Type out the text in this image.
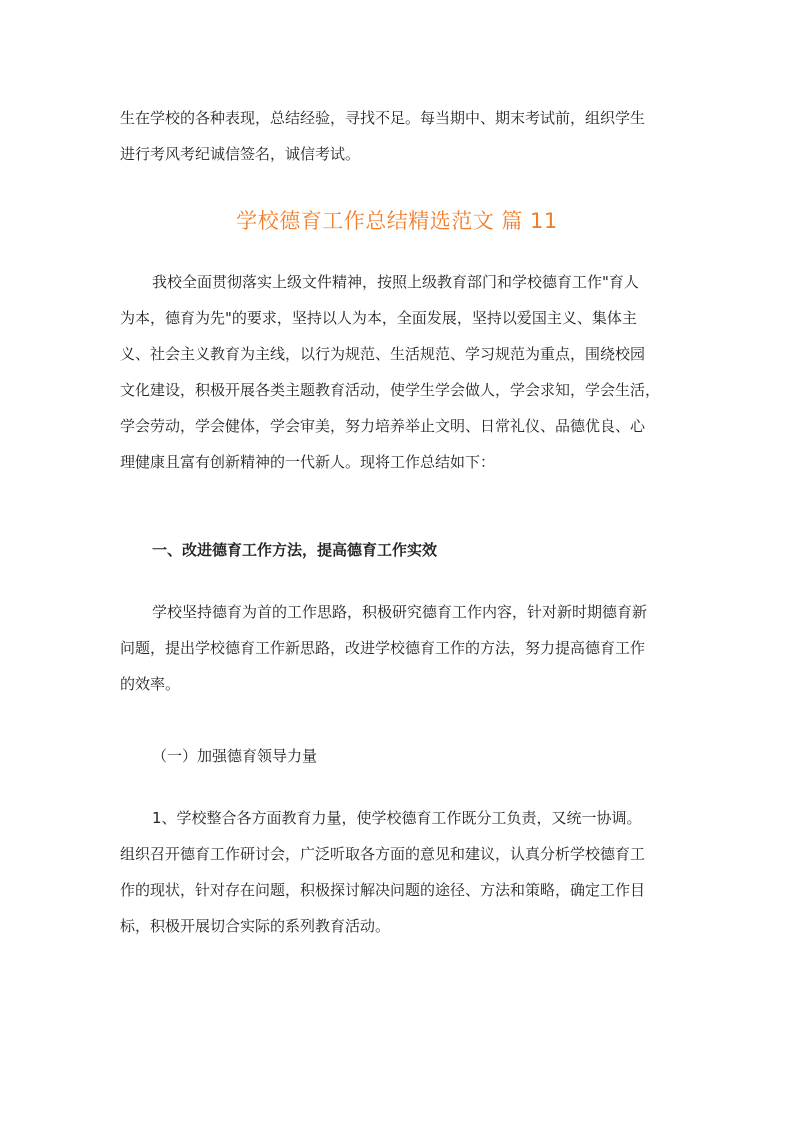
生在学校的各种表现，总结经验，寻找不足。每当期中、期末考试前，组织学生
进行考风考纪诚信签名，诚信考试。
学校德育工作总结精选范文 篇 11
我校全面贯彻落实上级文件精神，按照上级教育部门和学校德育工作"育人
为本，德育为先"的要求，坚持以人为本，全面发展，坚持以爱国主义、集体主
义、社会主义教育为主线，以行为规范、生活规范、学习规范为重点，围绕校园
文化建设，积极开展各类主题教育活动，使学生学会做人，学会求知，学会生活，
学会劳动，学会健体，学会审美，努力培养举止文明、日常礼仪、品德优良、心
理健康且富有创新精神的一代新人。现将工作总结如下：
一、改进德育工作方法，提高德育工作实效
学校坚持德育为首的工作思路，积极研究德育工作内容，针对新时期德育新
问题，提出学校德育工作新思路，改进学校德育工作的方法，努力提高德育工作
的效率。
（一）加强德育领导力量
1、学校整合各方面教育力量，使学校德育工作既分工负责，又统一协调。
组织召开德育工作研讨会，广泛听取各方面的意见和建议，认真分析学校德育工
作的现状，针对存在问题，积极探讨解决问题的途径、方法和策略，确定工作目
标，积极开展切合实际的系列教育活动。
